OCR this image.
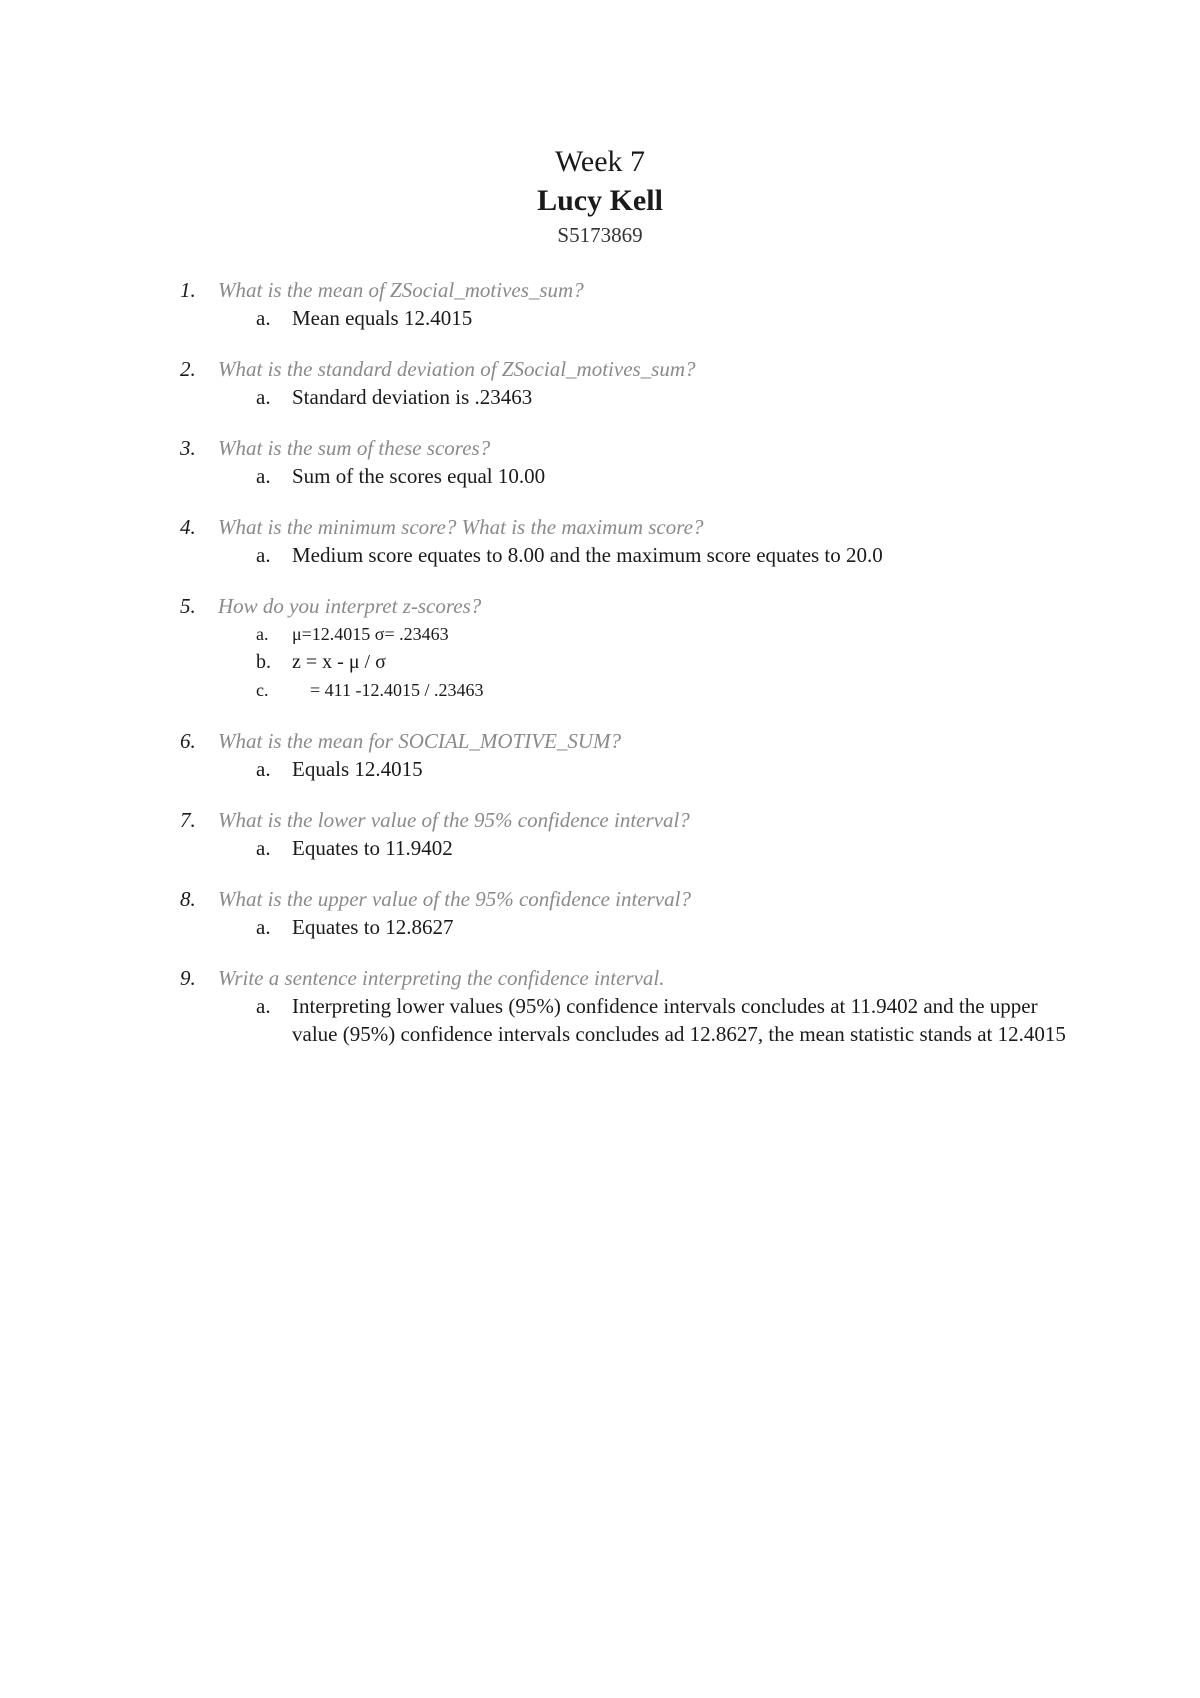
Week 7
Lucy Kell
S5173869
1. What is the mean of ZSocial_motives_sum?
a. Mean equals 12.4015
2. What is the standard deviation of ZSocial_motives_sum?
a. Standard deviation is .23463
3. What is the sum of these scores?
a. Sum of the scores equal 10.00
4. What is the minimum score? What is the maximum score?
a. Medium score equates to 8.00 and the maximum score equates to 20.0
5. How do you interpret z-scores?
a. μ=12.4015 σ= .23463
b. z = x - μ / σ
c. = 411 -12.4015 / .23463
6. What is the mean for SOCIAL_MOTIVE_SUM?
a. Equals 12.4015
7. What is the lower value of the 95% confidence interval?
a. Equates to 11.9402
8. What is the upper value of the 95% confidence interval?
a. Equates to 12.8627
9. Write a sentence interpreting the confidence interval.
a. Interpreting lower values (95%) confidence intervals concludes at 11.9402 and the upper value (95%) confidence intervals concludes ad 12.8627, the mean statistic stands at 12.4015
